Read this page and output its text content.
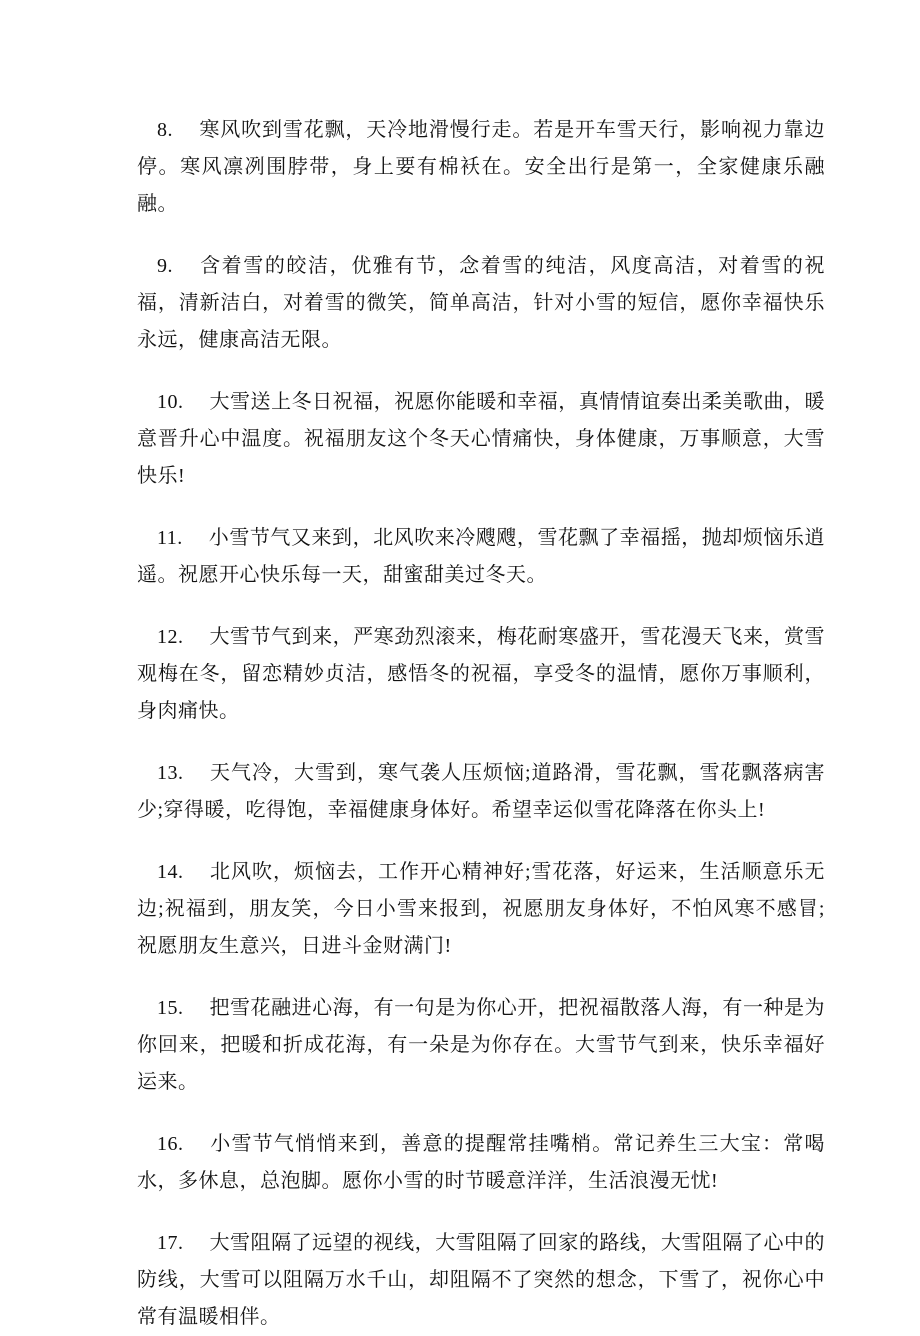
8. 寒风吹到雪花飘，天冷地滑慢行走。若是开车雪天行，影响视力靠边停。寒风凛冽围脖带，身上要有棉袄在。安全出行是第一，全家健康乐融融。

9. 含着雪的皎洁，优雅有节，念着雪的纯洁，风度高洁，对着雪的祝福，清新洁白，对着雪的微笑，简单高洁，针对小雪的短信，愿你幸福快乐永远，健康高洁无限。

10. 大雪送上冬日祝福，祝愿你能暖和幸福，真情情谊奏出柔美歌曲，暖意晋升心中温度。祝福朋友这个冬天心情痛快，身体健康，万事顺意，大雪快乐!

11. 小雪节气又来到，北风吹来冷飕飕，雪花飘了幸福摇，抛却烦恼乐逍遥。祝愿开心快乐每一天，甜蜜甜美过冬天。

12. 大雪节气到来，严寒劲烈滚来，梅花耐寒盛开，雪花漫天飞来，赏雪观梅在冬，留恋精妙贞洁，感悟冬的祝福，享受冬的温情，愿你万事顺利，身肉痛快。

13. 天气冷，大雪到，寒气袭人压烦恼;道路滑，雪花飘，雪花飘落病害少;穿得暖，吃得饱，幸福健康身体好。希望幸运似雪花降落在你头上!

14. 北风吹，烦恼去，工作开心精神好;雪花落，好运来，生活顺意乐无边;祝福到，朋友笑，今日小雪来报到，祝愿朋友身体好，不怕风寒不感冒;祝愿朋友生意兴，日进斗金财满门!

15. 把雪花融进心海，有一句是为你心开，把祝福散落人海，有一种是为你回来，把暖和折成花海，有一朵是为你存在。大雪节气到来，快乐幸福好运来。

16. 小雪节气悄悄来到，善意的提醒常挂嘴梢。常记养生三大宝：常喝水，多休息，总泡脚。愿你小雪的时节暖意洋洋，生活浪漫无忧!

17. 大雪阻隔了远望的视线，大雪阻隔了回家的路线，大雪阻隔了心中的防线，大雪可以阻隔万水千山，却阻隔不了突然的想念，下雪了，祝你心中常有温暖相伴。
